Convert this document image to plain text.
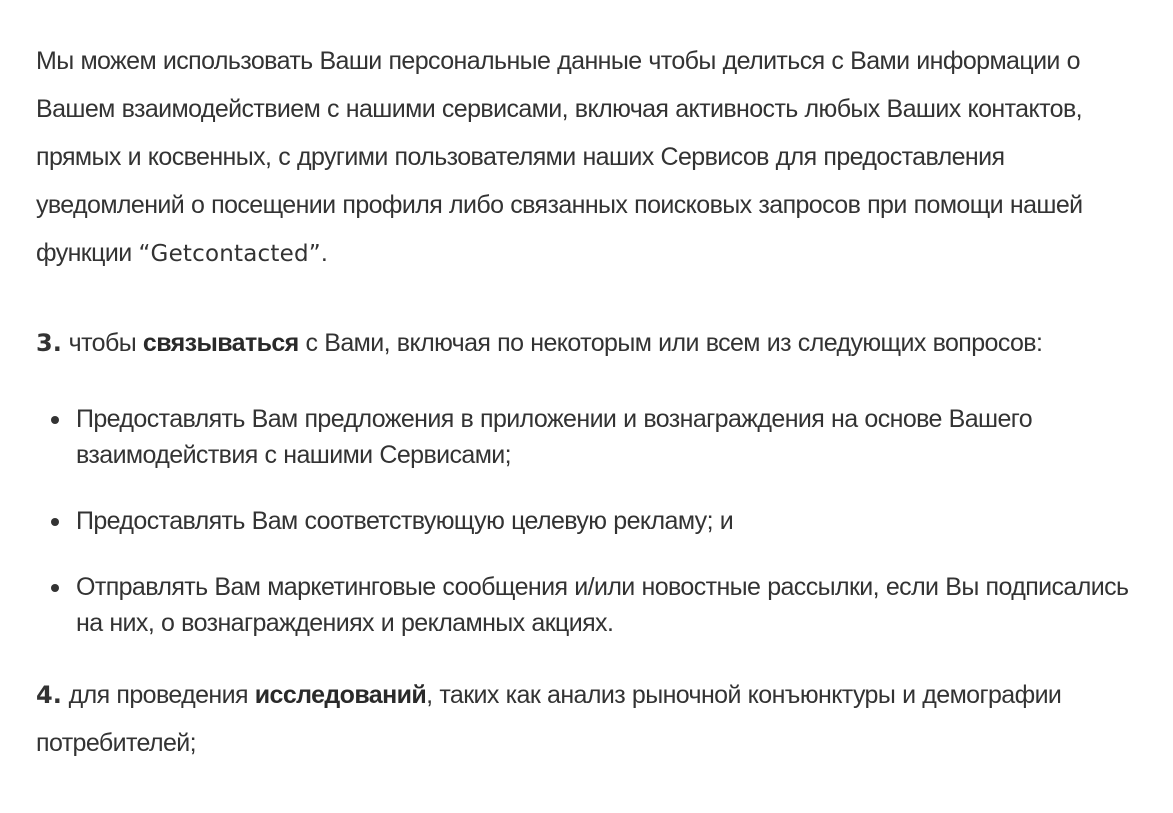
Мы можем использовать Ваши персональные данные чтобы делиться с Вами информации о Вашем взаимодействием с нашими сервисами, включая активность любых Ваших контактов, прямых и косвенных, с другими пользователями наших Сервисов для предоставления уведомлений о посещении профиля либо связанных поисковых запросов при помощи нашей функции “Getcontacted”.

3. чтобы связываться с Вами, включая по некоторым или всем из следующих вопросов:

Предоставлять Вам предложения в приложении и вознаграждения на основе Вашего взаимодействия с нашими Сервисами;
Предоставлять Вам соответствующую целевую рекламу; и
Отправлять Вам маркетинговые сообщения и/или новостные рассылки, если Вы подписались на них, о вознаграждениях и рекламных акциях.

4. для проведения исследований, таких как анализ рыночной конъюнктуры и демографии потребителей;
